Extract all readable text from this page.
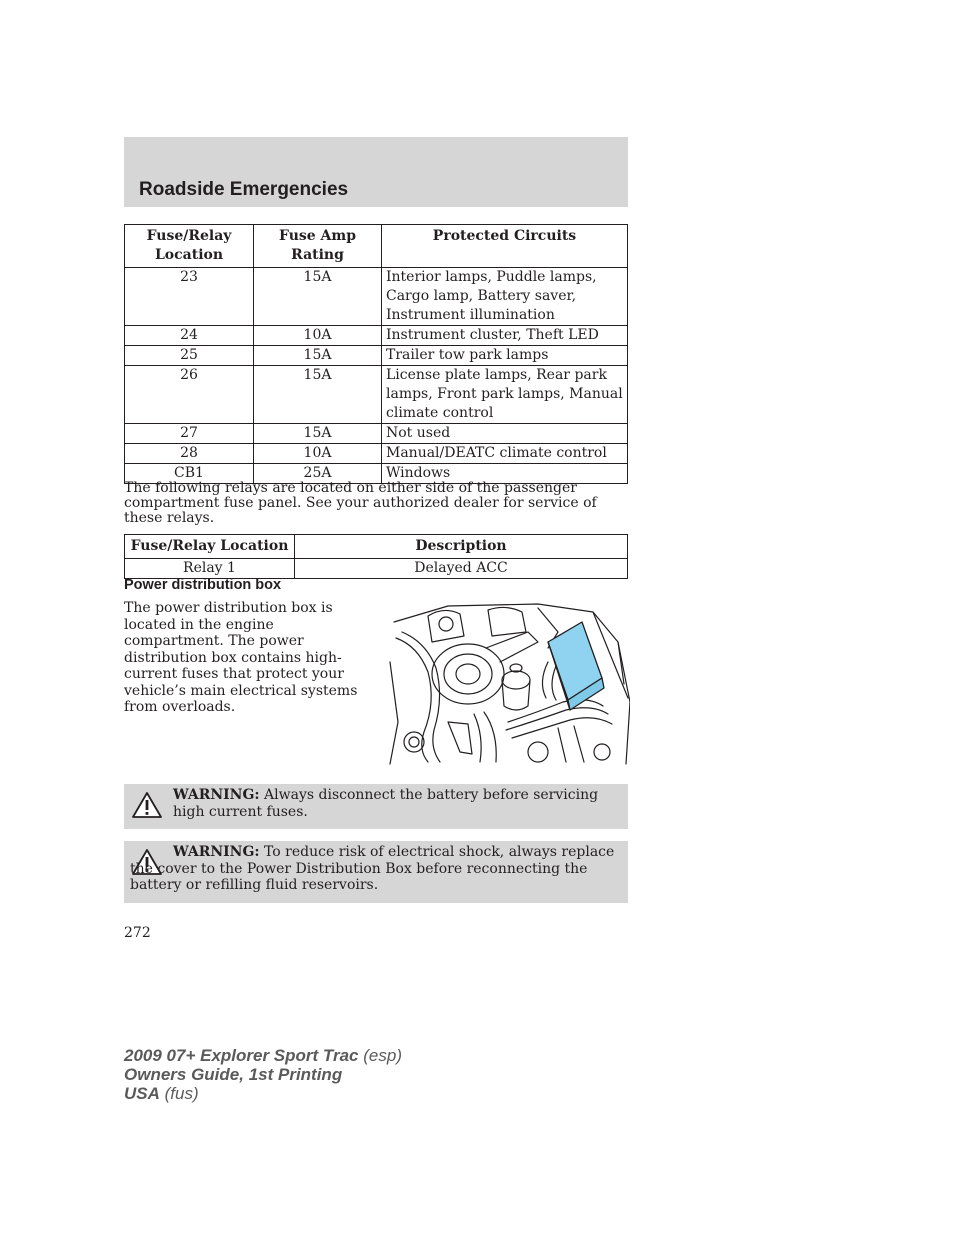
Roadside Emergencies
Fuse/Relay Location	Fuse Amp Rating	Protected Circuits
23	15A	Interior lamps, Puddle lamps, Cargo lamp, Battery saver, Instrument illumination
24	10A	Instrument cluster, Theft LED
25	15A	Trailer tow park lamps
26	15A	License plate lamps, Rear park lamps, Front park lamps, Manual climate control
27	15A	Not used
28	10A	Manual/DEATC climate control
CB1	25A	Windows
The following relays are located on either side of the passenger compartment fuse panel. See your authorized dealer for service of these relays.
Fuse/Relay Location	Description
Relay 1	Delayed ACC
Power distribution box
The power distribution box is located in the engine compartment. The power distribution box contains high-current fuses that protect your vehicle’s main electrical systems from overloads.
WARNING: Always disconnect the battery before servicing high current fuses.
WARNING: To reduce risk of electrical shock, always replace the cover to the Power Distribution Box before reconnecting the battery or refilling fluid reservoirs.
272
2009 07+ Explorer Sport Trac (esp)
Owners Guide, 1st Printing
USA (fus)
